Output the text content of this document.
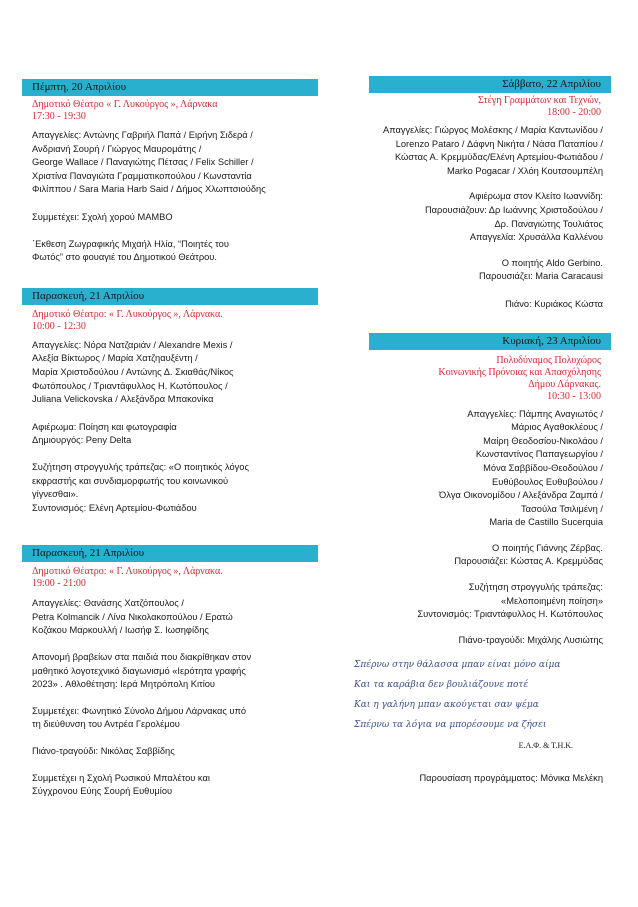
Πέμπτη, 20 Απριλίου
Δημοτικό Θέατρο « Γ. Λυκούργος », Λάρνακα
17:30 - 19:30
Απαγγελίες: Αντώνης Γαβριήλ Παπά / Ειρήνη Σιδερά /
Ανδριανή Σουρή / Γιώργος Μαυρομάτης /
George Wallace / Παναγιώτης Πέτσας / Felix Schiller /
Χριστίνα Παναγιώτα Γραμματικοπούλου / Κωνσταντία
Φιλίππου / Sara Maria Harb Said / Δήμος Χλωπτσιούδης
Συμμετέχει: Σχολή χορού MAMBO
΄Εκθεση Ζωγραφικής Μιχαήλ Ηλία, “Ποιητές του
Φωτός” στο φουαγιέ του Δημοτικού Θεάτρου.
Παρασκευή, 21 Απριλίου
Δημοτικό Θέατρο: « Γ. Λυκούργος », Λάρνακα.
10:00 - 12:30
Απαγγελίες: Νόρα Νατζαριάν / Alexandre Mexis /
Αλεξία Βίκτωρος / Μαρία Χατζηαυξέντη /
Μαρία Χριστοδούλου / Αντώνης Δ. Σκιαθάς/Νίκος
Φωτόπουλος / Τριαντάφυλλος Η. Κωτόπουλος /
Juliana Velickovska / Αλεξάνδρα Μπακονίκα
Αφιέρωμα: Ποίηση και φωτογραφία
Δημιουργός: Peny Delta
Συζήτηση στρογγυλής τράπεζας: «Ο ποιητικός λόγος
εκφραστής και συνδιαμορφωτής του κοινωνικού
γίγνεσθαι».
Συντονισμός: Ελένη Αρτεμίου-Φωτιάδου
Παρασκευή, 21 Απριλίου
Δημοτικό Θέατρο: « Γ. Λυκούργος », Λάρνακα.
19:00 - 21:00
Απαγγελίες: Θανάσης Χατζόπουλος /
Petra Kolmancik / Λίνα Νικολακοπούλου / Ερατώ
Κοζάκου Μαρκουλλή / Ιωσήφ Σ. Ιωσηφίδης
Απονομή βραβείων στα παιδιά που διακρίθηκαν στον
μαθητικό λογοτεχνικό διαγωνισμό «Ιερότητα γραφής
2023» . Αθλοθέτηση: Ιερά Μητρόπολη Κιτίου
Συμμετέχει: Φωνητικό Σύνολο Δήμου Λάρνακας υπό
τη διεύθυνση του Αντρέα Γερολέμου
Πιάνο-τραγούδι: Νικόλας Σαββίδης
Συμμετέχει η Σχολή Ρωσικού Μπαλέτου και
Σύγχρονου Εύης Σουρή Ευθυμίου
Σάββατο, 22 Απριλίου
Στέγη Γραμμάτων και Τεχνών,
18:00 - 20:00
Απαγγελίες: Γιώργος Μολέσκης / Μαρία Καντωνίδου /
Lorenzo Pataro / Δάφνη Νικήτα / Νάσα Παταπίου /
Κώστας Α. Κρεμμύδας/Ελένη Αρτεμίου-Φωτιάδου /
Marko Pogacar / Χλόη Κουτσουμπέλη
Αφιέρωμα στον Κλείτο Ιωαννίδη:
Παρουσιάζουν: Δρ Ιωάννης Χριστοδούλου /
Δρ. Παναγιώτης Τουλιάτος
Απαγγελία: Χρυσάλλα Καλλένου
Ο ποιητής Aldo Gerbino.
Παρουσιάζει: Maria Caracausi
Πιάνο: Κυριάκος Κώστα
Κυριακή, 23 Απριλίου
Πολυδύναμος Πολυχώρος
Κοινωνικής Πρόνοιας και Απασχόλησης
Δήμου Λάρνακας.
10:30 - 13:00
Απαγγελίες: Πάμπης Αναγιωτός /
Μάριος Αγαθοκλέους /
Μαίρη Θεοδοσίου-Νικολάου /
Κωνσταντίνος Παπαγεωργίου /
Μόνα Σαββίδου-Θεοδούλου /
Ευθύβουλος Ευθυβούλου /
Όλγα Οικονομίδου / Αλεξάνδρα Ζαμπά /
Τασούλα Τσιλιμένη /
Maria de Castillo Sucerquia
Ο ποιητής Γιάννης Ζέρβας.
Παρουσιάζει: Κώστας Α. Κρεμμύδας
Συζήτηση στρογγυλής τράπεζας:
«Μελοποιημένη ποίηση»
Συντονισμός: Τριαντάφυλλος Η. Κωτόπουλος
Πιάνο-τραγούδι: Μιχάλης Λυσιώτης
Σπέρνω στην θάλασσα μπαν είναι μόνο αίμα
Και τα καράβια δεν βουλιάζουνε ποτέ
Και η γαλήνη μπαν ακούγεται σαν ψέμα
Σπέρνω τα λόγια να μπορέσουμε να ζήσει
Ε.Α.Φ. & Τ.Η.Κ.
Παρουσίαση προγράμματος: Μόνικα Μελέκη
